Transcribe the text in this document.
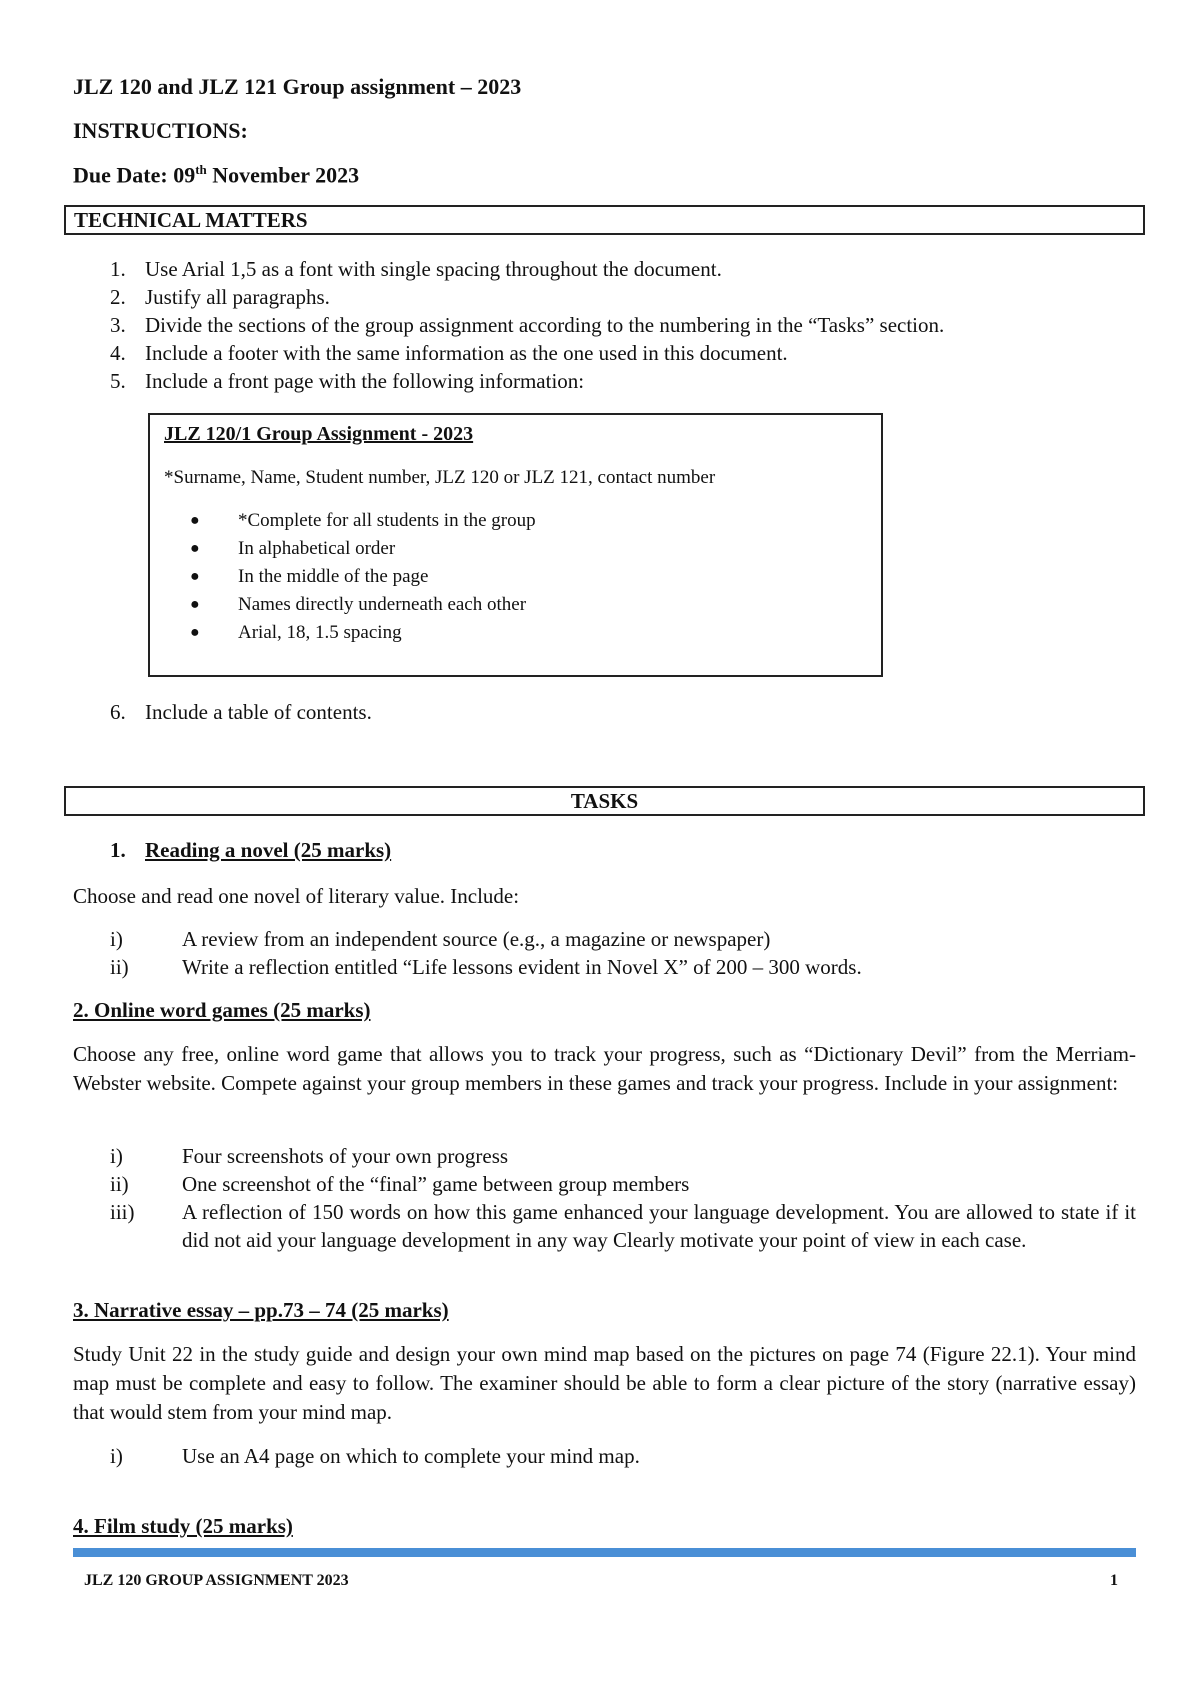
JLZ 120 and JLZ 121 Group assignment – 2023
INSTRUCTIONS:
Due Date: 09th November 2023
TECHNICAL MATTERS
1. Use Arial 1,5 as a font with single spacing throughout the document.
2. Justify all paragraphs.
3. Divide the sections of the group assignment according to the numbering in the “Tasks” section.
4. Include a footer with the same information as the one used in this document.
5. Include a front page with the following information:
JLZ 120/1 Group Assignment - 2023
*Surname, Name, Student number, JLZ 120 or JLZ 121, contact number
●	*Complete for all students in the group
●	In alphabetical order
●	In the middle of the page
●	Names directly underneath each other
●	Arial, 18, 1.5 spacing
6. Include a table of contents.
TASKS
1. Reading a novel (25 marks)
Choose and read one novel of literary value. Include:
i)	A review from an independent source (e.g., a magazine or newspaper)
ii)	Write a reflection entitled “Life lessons evident in Novel X” of 200 – 300 words.
2. Online word games (25 marks)
Choose any free, online word game that allows you to track your progress, such as “Dictionary Devil” from the Merriam-Webster website. Compete against your group members in these games and track your progress. Include in your assignment:
i)	Four screenshots of your own progress
ii)	One screenshot of the “final” game between group members
iii)	A reflection of 150 words on how this game enhanced your language development. You are allowed to state if it did not aid your language development in any way Clearly motivate your point of view in each case.
3. Narrative essay – pp.73 – 74 (25 marks)
Study Unit 22 in the study guide and design your own mind map based on the pictures on page 74 (Figure 22.1). Your mind map must be complete and easy to follow. The examiner should be able to form a clear picture of the story (narrative essay) that would stem from your mind map.
i)	Use an A4 page on which to complete your mind map.
4. Film study (25 marks)
JLZ 120 GROUP ASSIGNMENT 2023	1
